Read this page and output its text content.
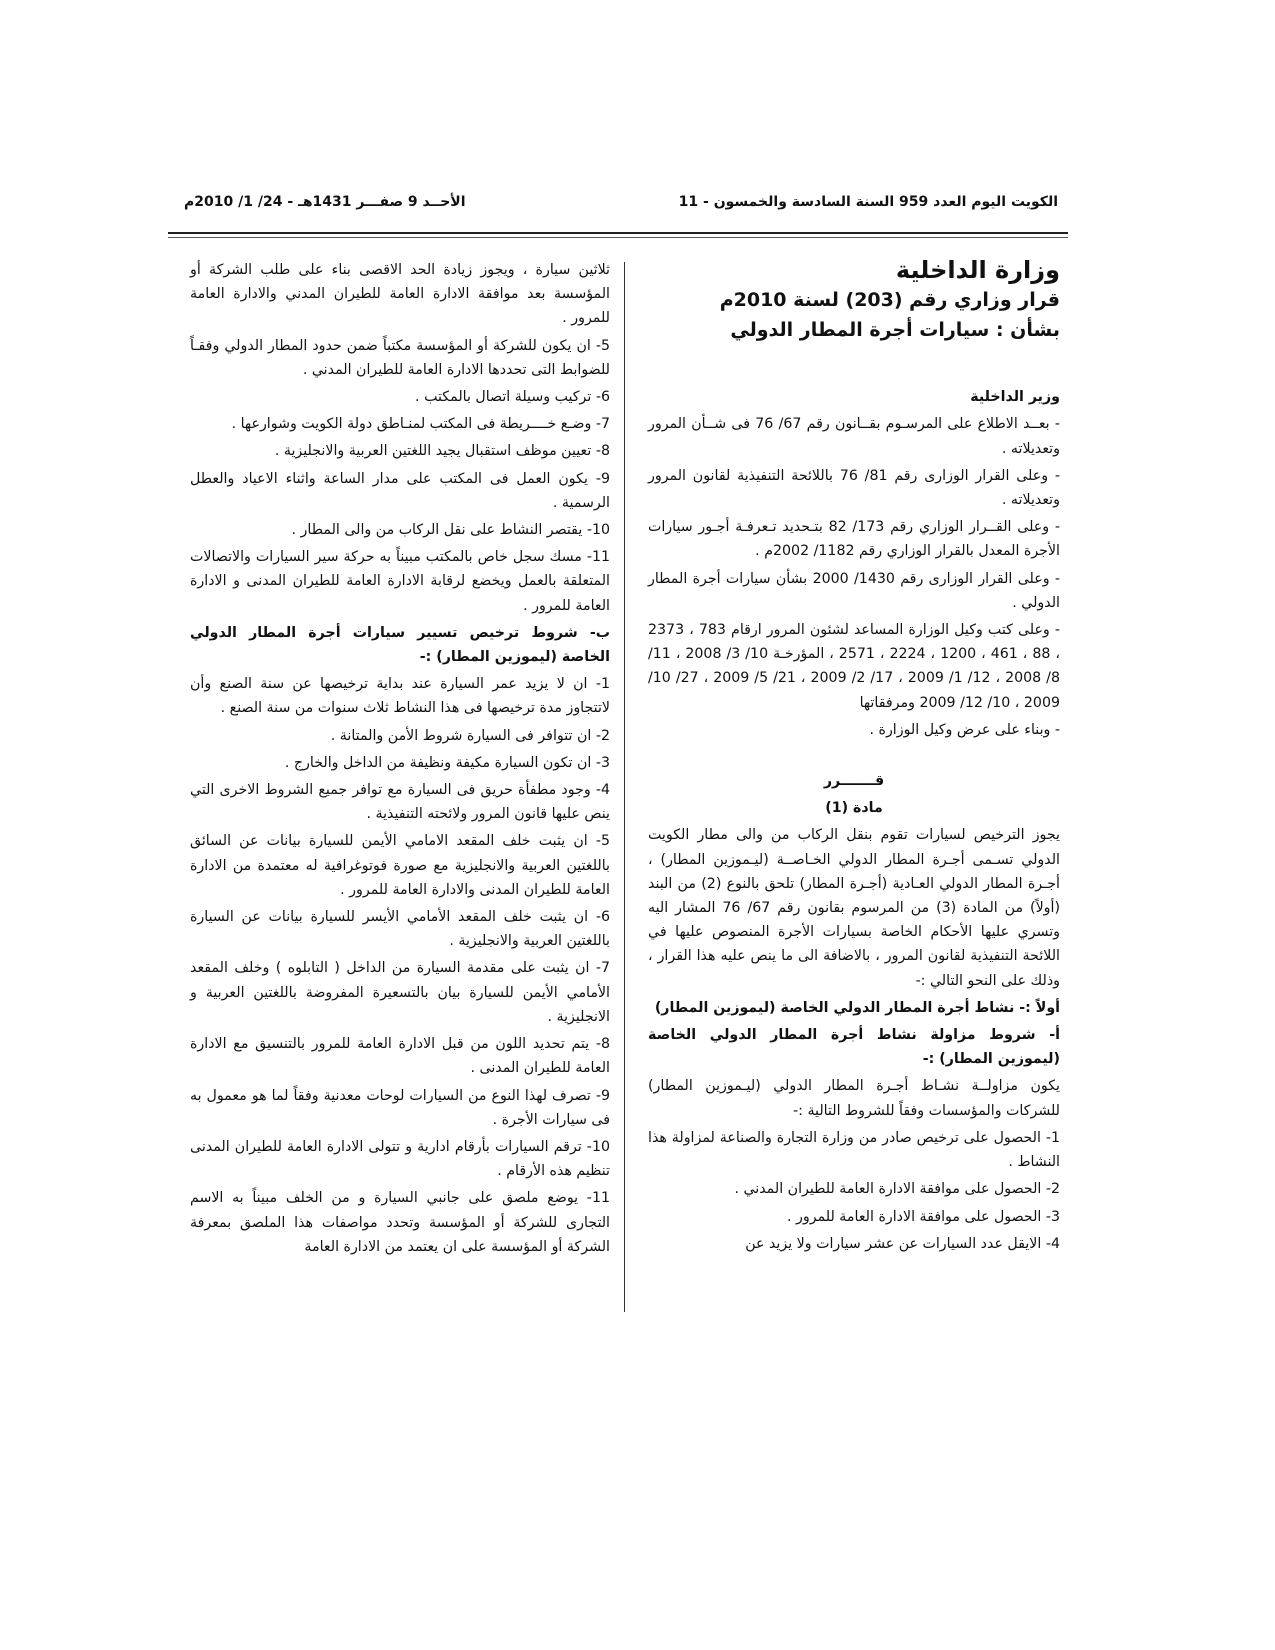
الكويت اليوم العدد 959 السنة السادسة والخمسون - 11
الأحــد 9 صفـــر 1431هـ - 24/ 1/ 2010م

وزارة الداخلية

قرار وزاري رقم (203) لسنة 2010م
بشأن : سيارات أجرة المطار الدولي

وزير الداخلية

- بعــد الاطلاع على المرسـوم بقــانون رقم 67/ 76 فى شــأن المرور وتعديلاته .

- وعلى القرار الوزارى رقم 81/ 76 باللائحة التنفيذية لقانون المرور وتعديلاته .

- وعلى القــرار الوزاري رقم 173/ 82 بتـحديد تـعرفـة أجـور سيارات الأجرة المعدل بالقرار الوزاري رقم 1182/ 2002م .

- وعلى القرار الوزارى رقم 1430/ 2000 بشأن سيارات أجرة المطار الدولي .

- وعلى كتب وكيل الوزارة المساعد لشئون المرور ارقام 783 ، 2373 ، 88 ، 461 ، 1200 ، 2224 ، 2571 ، المؤرخـة 10/ 3/ 2008 ، 11/ 8/ 2008 ، 12/ 1/ 2009 ، 17/ 2/ 2009 ، 21/ 5/ 2009 ، 27/ 10/ 2009 ، 10/ 12/ 2009 ومرفقاتها

- وبناء على عرض وكيل الوزارة .

قـــــــرر

مادة (1)

يجوز الترخيص لسيارات تقوم بنقل الركاب من والى مطار الكويت الدولي تسـمى أجـرة المطار الدولي الخـاصــة (ليـموزين المطار) ، أجـرة المطار الدولي العـادية (أجـرة المطار) تلحق بالنوع (2) من البند (أولاً) من المادة (3) من المرسوم بقانون رقم 67/ 76 المشار اليه وتسري عليها الأحكام الخاصة بسيارات الأجرة المنصوص عليها في اللائحة التنفيذية لقانون المرور ، بالاضافة الى ما ينص عليه هذا القرار ، وذلك على النحو التالي :-

أولاً :- نشاط أجرة المطار الدولي الخاصة (ليموزين المطار)

أ- شروط مزاولة نشاط أجرة المطار الدولي الخاصة (ليموزين المطار) :-

يكون مزاولــة نشـاط أجـرة المطار الدولي (ليـموزين المطار) للشركات والمؤسسات وفقاً للشروط التالية :-

1- الحصول على ترخيص صادر من وزارة التجارة والصناعة لمزاولة هذا النشاط .

2- الحصول على موافقة الادارة العامة للطيران المدني .

3- الحصول على موافقة الادارة العامة للمرور .

4- الايقل عدد السيارات عن عشر سيارات ولا يزيد عن

ثلاثين سيارة ، ويجوز زيادة الحد الاقصى بناء على طلب الشركة أو المؤسسة بعد موافقة الادارة العامة للطيران المدني والادارة العامة للمرور .

5- ان يكون للشركة أو المؤسسة مكتباً ضمن حدود المطار الدولي وفقـاً للضوابط التى تحددها الادارة العامة للطيران المدني .

6- تركيب وسيلة اتصال بالمكتب .

7- وضـع خــــريطة فى المكتب لمنـاطق دولة الكويت وشوارعها .

8- تعيين موظف استقبال يجيد اللغتين العربية والانجليزية .

9- يكون العمل فى المكتب على مدار الساعة واثناء الاعياد والعطل الرسمية .

10- يقتصر النشاط على نقل الركاب من والى المطار .

11- مسك سجل خاص بالمكتب مبيناً به حركة سير السيارات والاتصالات المتعلقة بالعمل ويخضع لرقابة الادارة العامة للطيران المدنى و الادارة العامة للمرور .

ب- شروط ترخيص تسيير سيارات أجرة المطار الدولي الخاصة (ليموزين المطار) :-

1- ان لا يزيد عمر السيارة عند بداية ترخيصها عن سنة الصنع وأن لاتتجاوز مدة ترخيصها فى هذا النشاط ثلاث سنوات من سنة الصنع .

2- ان تتوافر فى السيارة شروط الأمن والمتانة .

3- ان تكون السيارة مكيفة ونظيفة من الداخل والخارج .

4- وجود مطفأة حريق فى السيارة مع توافر جميع الشروط الاخرى التي ينص عليها قانون المرور ولائحته التنفيذية .

5- ان يثبت خلف المقعد الامامي الأيمن للسيارة بيانات عن السائق باللغتين العربية والانجليزية مع صورة فوتوغرافية له معتمدة من الادارة العامة للطيران المدنى والادارة العامة للمرور .

6- ان يثبت خلف المقعد الأمامي الأيسر للسيارة بيانات عن السيارة باللغتين العربية والانجليزية .

7- ان يثبت على مقدمة السيارة من الداخل ( التابلوه ) وخلف المقعد الأمامي الأيمن للسيارة بيان بالتسعيرة المفروضة باللغتين العربية و الانجليزية .

8- يتم تحديد اللون من قبل الادارة العامة للمرور بالتنسيق مع الادارة العامة للطيران المدنى .

9- تصرف لهذا النوع من السيارات لوحات معدنية وفقاً لما هو معمول به فى سيارات الأجرة .

10- ترقم السيارات بأرقام ادارية و تتولى الادارة العامة للطيران المدنى تنظيم هذه الأرقام .

11- يوضع ملصق على جانبي السيارة و من الخلف مبيناً به الاسم التجارى للشركة أو المؤسسة وتحدد مواصفات هذا الملصق بمعرفة الشركة أو المؤسسة على ان يعتمد من الادارة العامة
